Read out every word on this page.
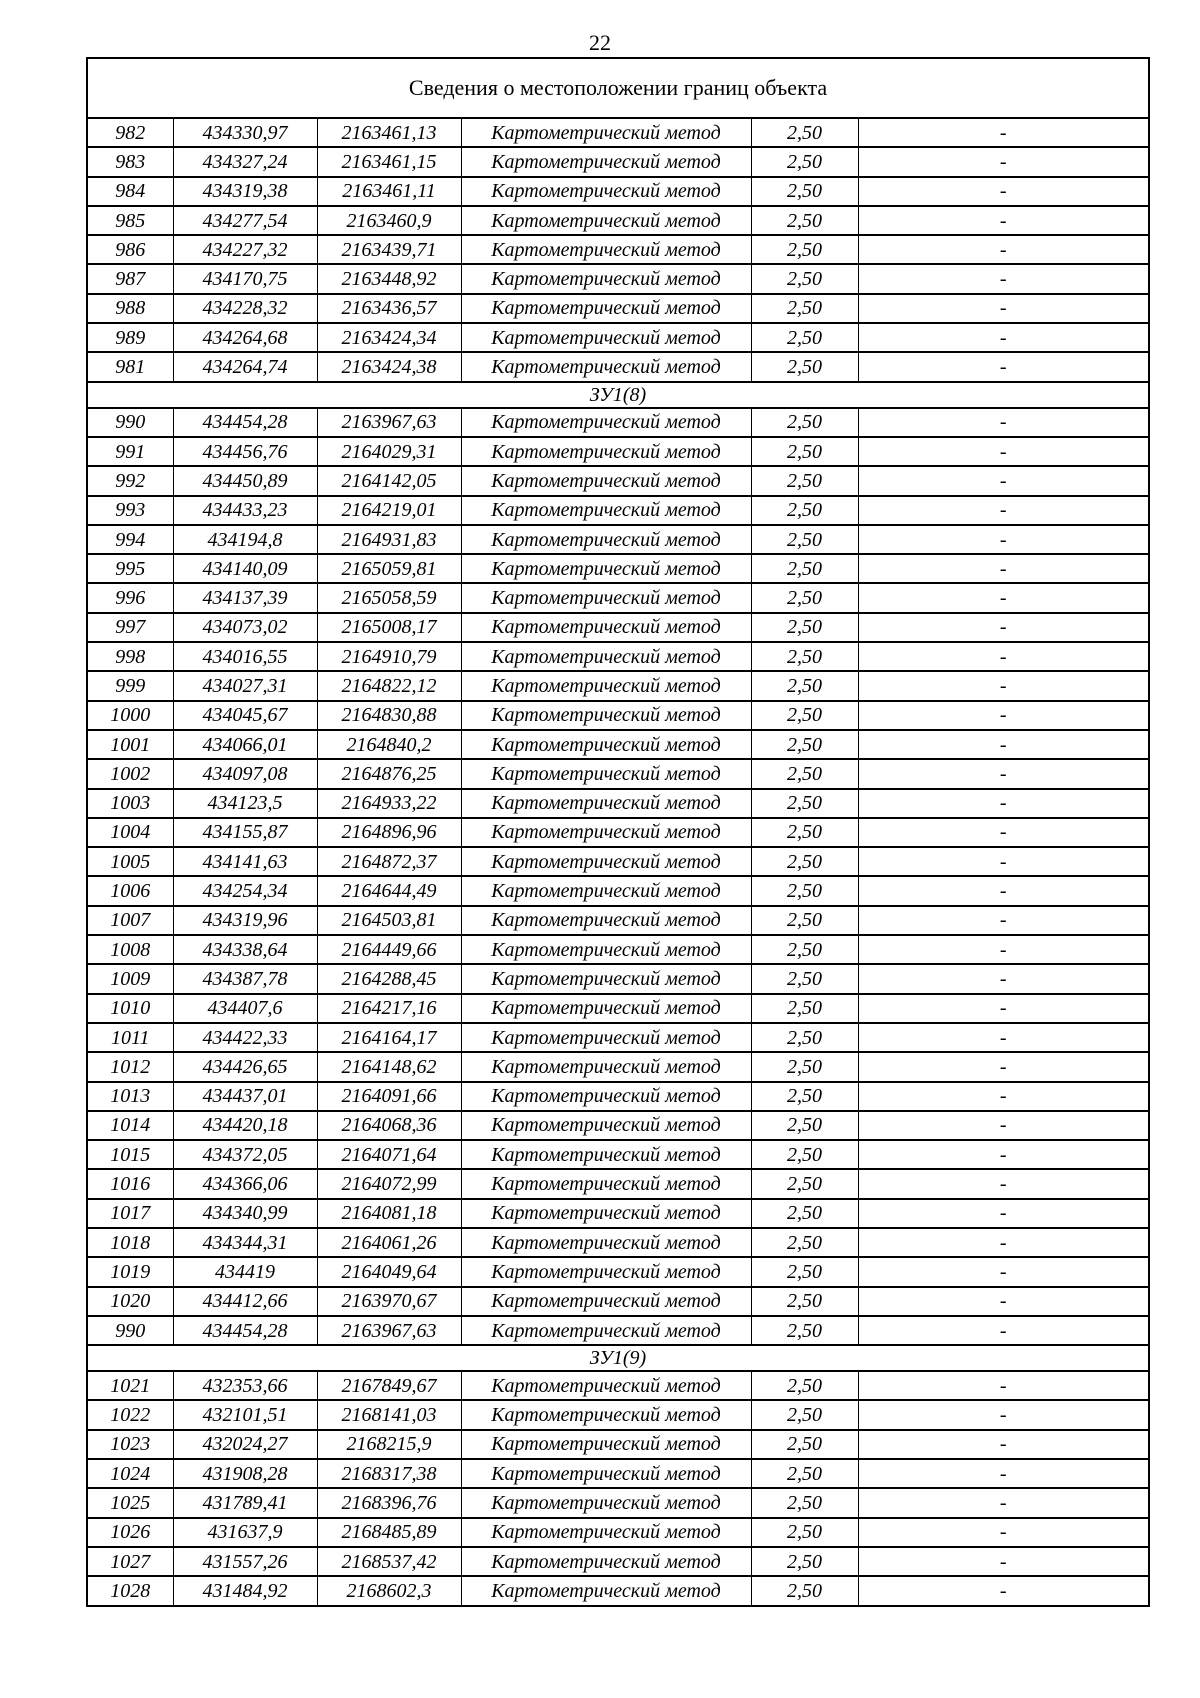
22
Сведения о местоположении границ объекта					
982	434330,97	2163461,13	Картометрический метод	2,50	-
983	434327,24	2163461,15	Картометрический метод	2,50	-
984	434319,38	2163461,11	Картометрический метод	2,50	-
985	434277,54	2163460,9	Картометрический метод	2,50	-
986	434227,32	2163439,71	Картометрический метод	2,50	-
987	434170,75	2163448,92	Картометрический метод	2,50	-
988	434228,32	2163436,57	Картометрический метод	2,50	-
989	434264,68	2163424,34	Картометрический метод	2,50	-
981	434264,74	2163424,38	Картометрический метод	2,50	-
ЗУ1(8)					
990	434454,28	2163967,63	Картометрический метод	2,50	-
991	434456,76	2164029,31	Картометрический метод	2,50	-
992	434450,89	2164142,05	Картометрический метод	2,50	-
993	434433,23	2164219,01	Картометрический метод	2,50	-
994	434194,8	2164931,83	Картометрический метод	2,50	-
995	434140,09	2165059,81	Картометрический метод	2,50	-
996	434137,39	2165058,59	Картометрический метод	2,50	-
997	434073,02	2165008,17	Картометрический метод	2,50	-
998	434016,55	2164910,79	Картометрический метод	2,50	-
999	434027,31	2164822,12	Картометрический метод	2,50	-
1000	434045,67	2164830,88	Картометрический метод	2,50	-
1001	434066,01	2164840,2	Картометрический метод	2,50	-
1002	434097,08	2164876,25	Картометрический метод	2,50	-
1003	434123,5	2164933,22	Картометрический метод	2,50	-
1004	434155,87	2164896,96	Картометрический метод	2,50	-
1005	434141,63	2164872,37	Картометрический метод	2,50	-
1006	434254,34	2164644,49	Картометрический метод	2,50	-
1007	434319,96	2164503,81	Картометрический метод	2,50	-
1008	434338,64	2164449,66	Картометрический метод	2,50	-
1009	434387,78	2164288,45	Картометрический метод	2,50	-
1010	434407,6	2164217,16	Картометрический метод	2,50	-
1011	434422,33	2164164,17	Картометрический метод	2,50	-
1012	434426,65	2164148,62	Картометрический метод	2,50	-
1013	434437,01	2164091,66	Картометрический метод	2,50	-
1014	434420,18	2164068,36	Картометрический метод	2,50	-
1015	434372,05	2164071,64	Картометрический метод	2,50	-
1016	434366,06	2164072,99	Картометрический метод	2,50	-
1017	434340,99	2164081,18	Картометрический метод	2,50	-
1018	434344,31	2164061,26	Картометрический метод	2,50	-
1019	434419	2164049,64	Картометрический метод	2,50	-
1020	434412,66	2163970,67	Картометрический метод	2,50	-
990	434454,28	2163967,63	Картометрический метод	2,50	-
ЗУ1(9)					
1021	432353,66	2167849,67	Картометрический метод	2,50	-
1022	432101,51	2168141,03	Картометрический метод	2,50	-
1023	432024,27	2168215,9	Картометрический метод	2,50	-
1024	431908,28	2168317,38	Картометрический метод	2,50	-
1025	431789,41	2168396,76	Картометрический метод	2,50	-
1026	431637,9	2168485,89	Картометрический метод	2,50	-
1027	431557,26	2168537,42	Картометрический метод	2,50	-
1028	431484,92	2168602,3	Картометрический метод	2,50	-
